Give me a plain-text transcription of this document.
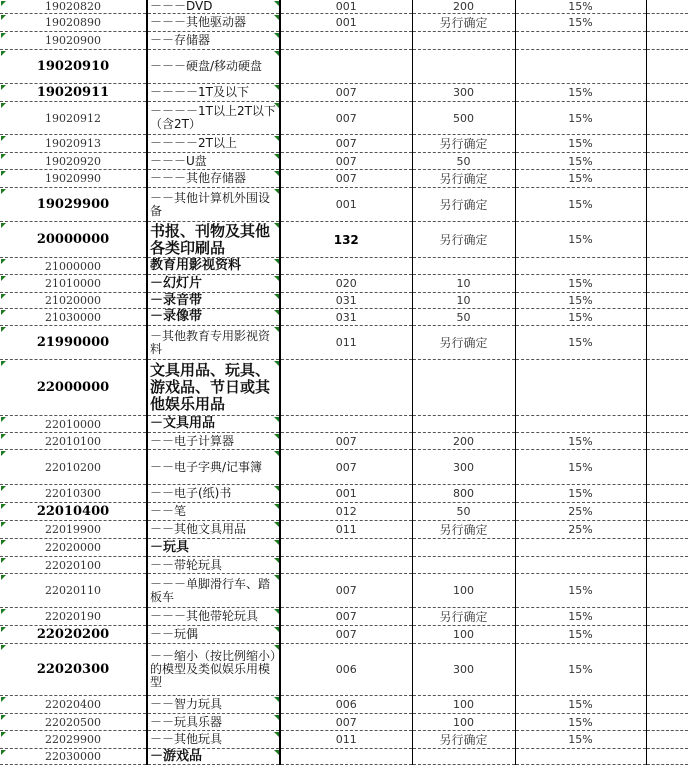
19020820	－－－DVD	001	200	15%	
19020890	－－－其他驱动器	001	另行确定	15%	
19020900	－－存储器				
19020910	－－－硬盘/移动硬盘				
19020911	－－－－1T及以下	007	300	15%	
19020912	－－－－1T以上2T以下（含2T）	007	500	15%	
19020913	－－－－2T以上	007	另行确定	15%	
19020920	－－－U盘	007	50	15%	
19020990	－－－其他存储器	007	另行确定	15%	
19029900	－－其他计算机外围设备	001	另行确定	15%	
20000000	书报、刊物及其他各类印刷品	132	另行确定	15%	
21000000	教育用影视资料				
21010000	－幻灯片	020	10	15%	
21020000	－录音带	031	10	15%	
21030000	－录像带	031	50	15%	
21990000	－其他教育专用影视资料	011	另行确定	15%	
22000000	文具用品、玩具、游戏品、节日或其他娱乐用品				
22010000	－文具用品				
22010100	－－电子计算器	007	200	15%	
22010200	－－电子字典/记事簿	007	300	15%	
22010300	－－电子(纸)书	001	800	15%	
22010400	－－笔	012	50	25%	
22019900	－－其他文具用品	011	另行确定	25%	
22020000	－玩具				
22020100	－－带轮玩具				
22020110	－－－单脚滑行车、踏板车	007	100	15%	
22020190	－－－其他带轮玩具	007	另行确定	15%	
22020200	－－玩偶	007	100	15%	
22020300	－－缩小（按比例缩小）的模型及类似娱乐用模型	006	300	15%	
22020400	－－智力玩具	006	100	15%	
22020500	－－玩具乐器	007	100	15%	
22029900	－－其他玩具	011	另行确定	15%	
22030000	－游戏品				
